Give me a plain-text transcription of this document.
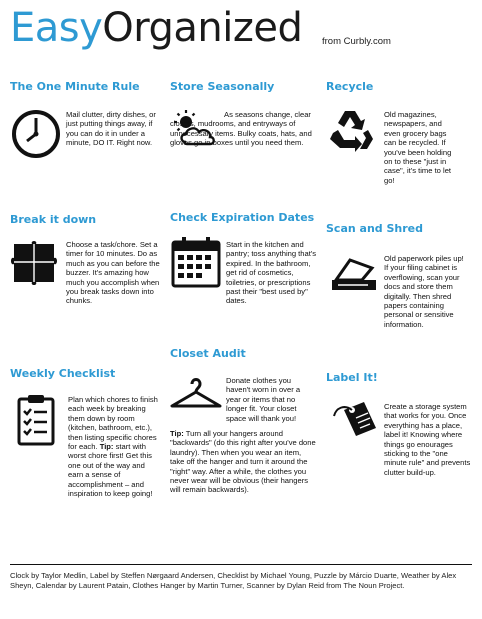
EasyOrganized from Curbly.com
The One Minute Rule
Mail clutter, dirty dishes, or just putting things away, if you can do it in under a minute, DO IT. Right now.
Store Seasonally
As seasons change, clear closets, mudrooms, and entryways of unnecessary items. Bulky coats, hats, and gloves go in boxes until you need them.
Recycle
Old magazines, newspapers, and even grocery bags can be recycled. If you've been holding on to these "just in case", it's time to let go!
Break it down
Choose a task/chore. Set a timer for 10 minutes. Do as much as you can before the buzzer. It's amazing how much you accomplish when you break tasks down into chunks.
Check Expiration Dates
Start in the kitchen and pantry; toss anything that's expired. In the bathroom, get rid of cosmetics, toiletries, or prescriptions past their "best used by" dates.
Scan and Shred
Old paperwork piles up! If your filing cabinet is overflowing, scan your docs and store them digitally. Then shred papers containing personal or sensitive information.
Weekly Checklist
Plan which chores to finish each week by breaking them down by room (kitchen, bathroom, etc.), then listing specific chores for each. Tip: start with worst chore first! Get this one out of the way and earn a sense of accomplishment – and inspiration to keep going!
Closet Audit
Donate clothes you haven't worn in over a year or items that no longer fit. Your closet space will thank you!
Tip: Turn all your hangers around "backwards" (do this right after you've done laundry). Then when you wear an item, take off the hanger and turn it around the "right" way. After a while, the clothes you never wear will be obvious (their hangers will remain backwards).
Label It!
Create a storage system that works for you. Once everything has a place, label it! Knowing where things go enourages sticking to the "one minute rule" and prevents clutter build-up.
Clock by Taylor Medlin, Label by Steffen Nørgaard Andersen, Checklist by Michael Young, Puzzle by Márcio Duarte, Weather by Alex Sheyn, Calendar by Laurent Patain, Clothes Hanger by Martin Turner, Scanner by Dylan Reid from The Noun Project.
